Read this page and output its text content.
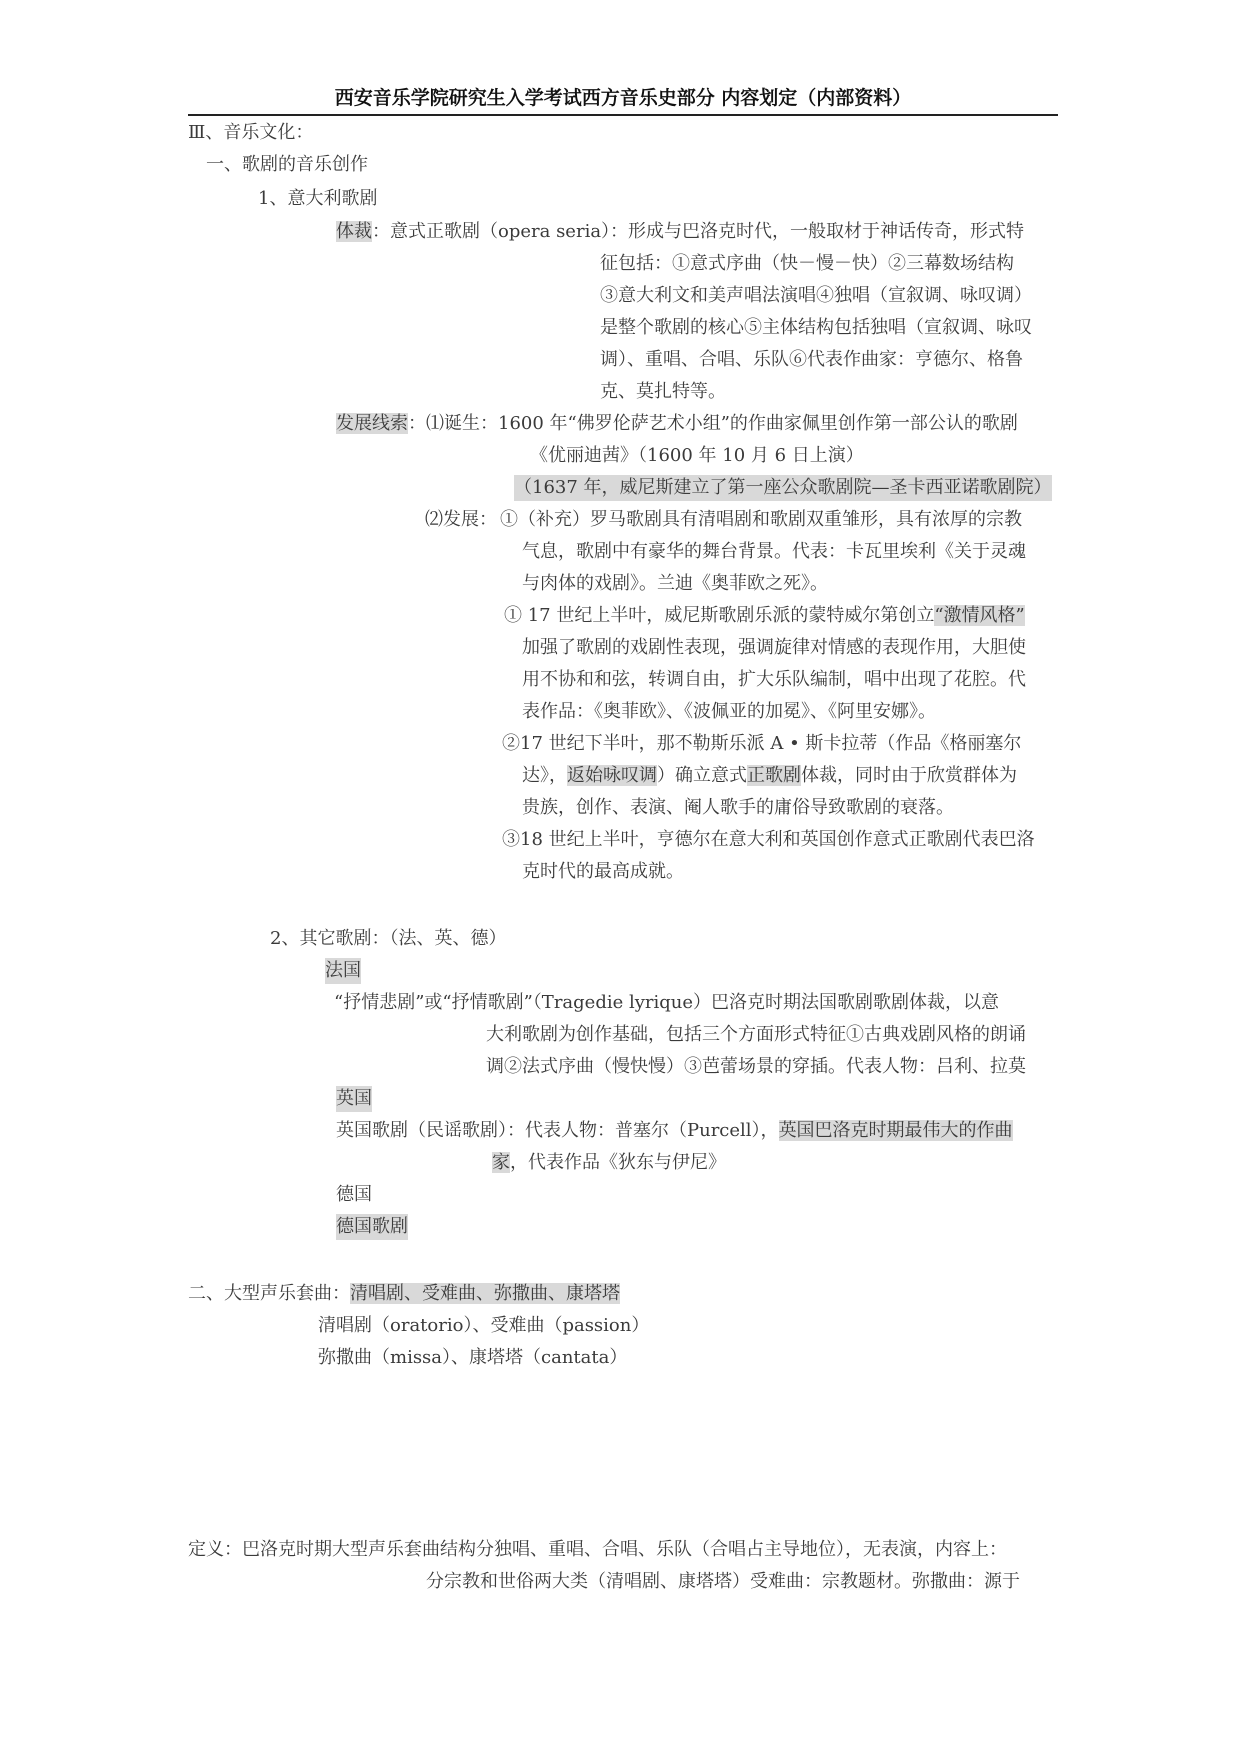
西安音乐学院研究生入学考试西方音乐史部分 内容划定（内部资料）
Ⅲ、音乐文化：
一、歌剧的音乐创作
1、意大利歌剧
体裁：意式正歌剧（opera seria）：形成与巴洛克时代，一般取材于神话传奇，形式特
征包括：①意式序曲（快－慢－快）②三幕数场结构
③意大利文和美声唱法演唱④独唱（宣叙调、咏叹调）
是整个歌剧的核心⑤主体结构包括独唱（宣叙调、咏叹
调）、重唱、合唱、乐队⑥代表作曲家：亨德尔、格鲁
克、莫扎特等。
发展线索：⑴诞生：1600 年“佛罗伦萨艺术小组”的作曲家佩里创作第一部公认的歌剧
《优丽迪茜》（1600 年 10 月 6 日上演）
（1637 年，威尼斯建立了第一座公众歌剧院—圣卡西亚诺歌剧院）
⑵发展： ①（补充）罗马歌剧具有清唱剧和歌剧双重雏形，具有浓厚的宗教
气息，歌剧中有豪华的舞台背景。代表：卡瓦里埃利《关于灵魂
与肉体的戏剧》。兰迪《奥菲欧之死》。
① 17 世纪上半叶，威尼斯歌剧乐派的蒙特威尔第创立“激情风格”
加强了歌剧的戏剧性表现，强调旋律对情感的表现作用，大胆使
用不协和和弦，转调自由，扩大乐队编制，唱中出现了花腔。代
表作品：《奥菲欧》、《波佩亚的加冕》、《阿里安娜》。
②17 世纪下半叶，那不勒斯乐派 A • 斯卡拉蒂（作品《格丽塞尔
达》，返始咏叹调）确立意式正歌剧体裁，同时由于欣赏群体为
贵族，创作、表演、阉人歌手的庸俗导致歌剧的衰落。
③18 世纪上半叶，亨德尔在意大利和英国创作意式正歌剧代表巴洛
克时代的最高成就。
2、其它歌剧：（法、英、德）
法国
“抒情悲剧”或“抒情歌剧”（Tragedie lyrique）巴洛克时期法国歌剧歌剧体裁，以意
大利歌剧为创作基础，包括三个方面形式特征①古典戏剧风格的朗诵
调②法式序曲（慢快慢）③芭蕾场景的穿插。代表人物：吕利、拉莫
英国
英国歌剧（民谣歌剧）：代表人物：普塞尔（Purcell），英国巴洛克时期最伟大的作曲
家，代表作品《狄东与伊尼》
德国
德国歌剧
二、大型声乐套曲：清唱剧、受难曲、弥撒曲、康塔塔
清唱剧（oratorio）、受难曲（passion）
弥撒曲（missa）、康塔塔（cantata）
定义：巴洛克时期大型声乐套曲结构分独唱、重唱、合唱、乐队（合唱占主导地位），无表演，内容上：
分宗教和世俗两大类（清唱剧、康塔塔）受难曲：宗教题材。弥撒曲：源于
